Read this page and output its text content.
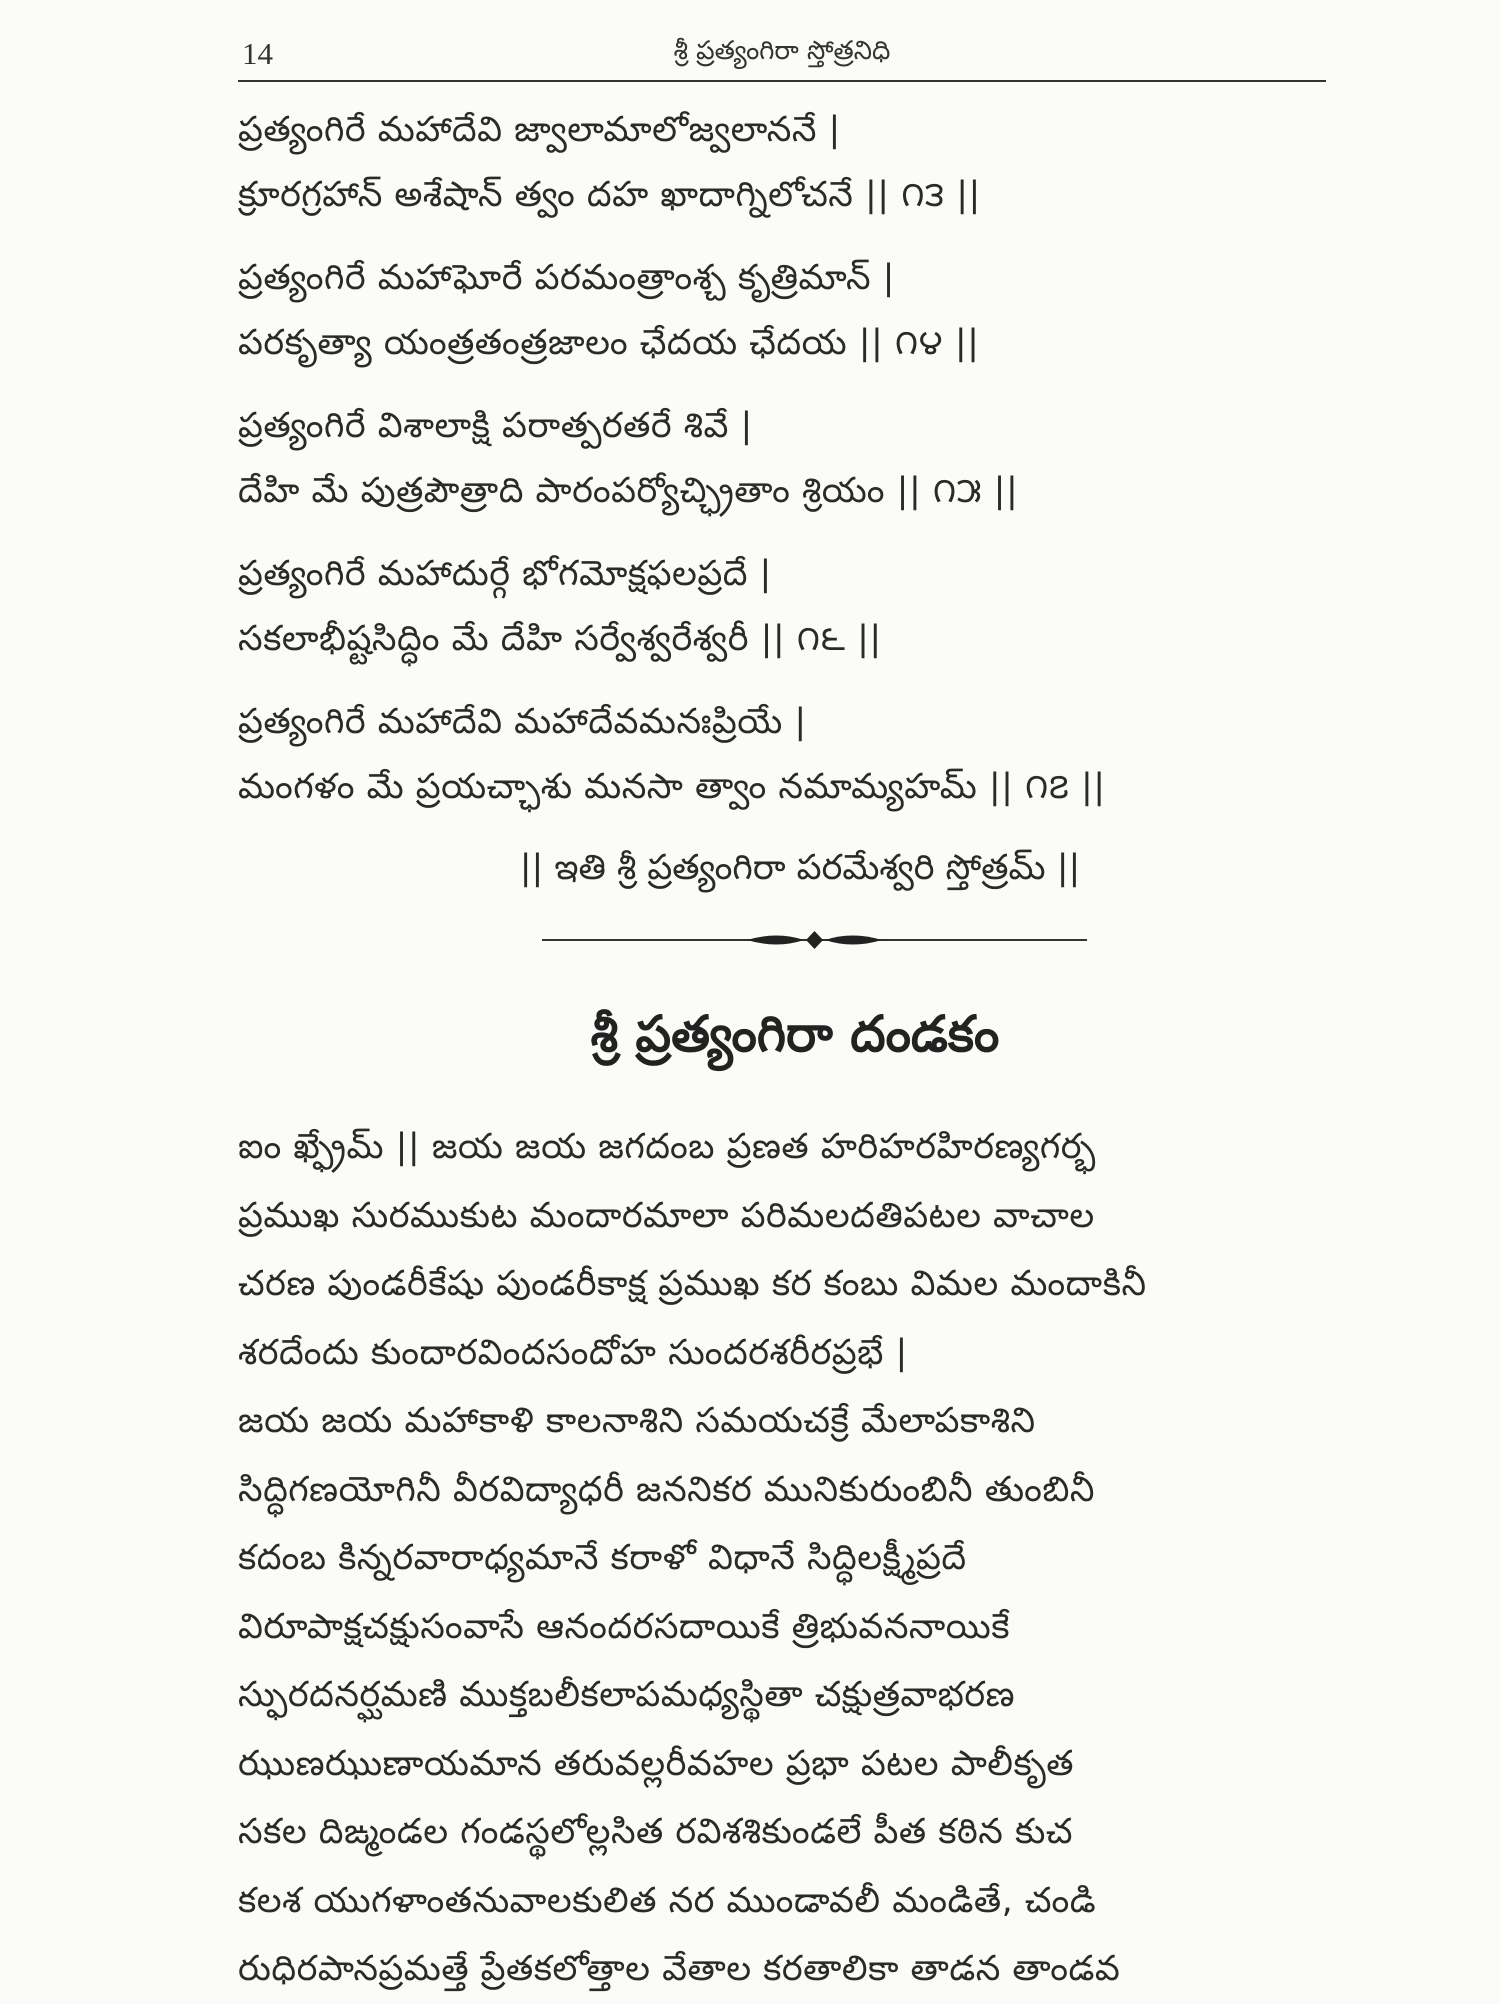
14	శ్రీ ప్రత్యంగిరా స్తోత్రనిధి
ప్రత్యంగిరే మహాదేవి జ్వాలామాలోజ్వలాననే |
క్రూరగ్రహాన్ అశేషాన్ త్వం దహ ఖాదాగ్నిలోచనే || ౧౩ ||
ప్రత్యంగిరే మహాఘోరే పరమంత్రాంశ్చ కృత్రిమాన్ |
పరకృత్యా యంత్రతంత్రజాలం ఛేదయ ఛేదయ || ౧౪ ||
ప్రత్యంగిరే విశాలాక్షి పరాత్పరతరే శివే |
దేహి మే పుత్రపౌత్రాది పారంపర్యోచ్ఛ్రితాం శ్రియం || ౧౫ ||
ప్రత్యంగిరే మహాదుర్గే భోగమోక్షఫలప్రదే |
సకలాభీష్టసిద్ధిం మే దేహి సర్వేశ్వరేశ్వరీ || ౧౬ ||
ప్రత్యంగిరే మహాదేవి మహాదేవమనఃప్రియే |
మంగళం మే ప్రయచ్ఛాశు మనసా త్వాం నమామ్యహమ్ || ౧౭ ||
|| ఇతి శ్రీ ప్రత్యంగిరా పరమేశ్వరి స్తోత్రమ్ ||
శ్రీ ప్రత్యంగిరా దండకం
ఐం ఖ్ఫ్రేమ్ || జయ జయ జగదంబ ప్రణత హరిహరహిరణ్యగర్భ
ప్రముఖ సురముకుట మందారమాలా పరిమలదతిపటల వాచాల
చరణ పుండరీకేషు పుండరీకాక్ష ప్రముఖ కర కంబు విమల మందాకినీ
శరదేందు కుందారవిందసందోహ సుందరశరీరప్రభే |
జయ జయ మహాకాళి కాలనాశిని సమయచక్రే మేలాపకాశిని
సిద్ధిగణయోగినీ వీరవిద్యాధరీ జననికర మునికురుంబినీ తుంబినీ
కదంబ కిన్నరవారాధ్యమానే కరాళో విధానే సిద్ధిలక్ష్మీప్రదే
విరూపాక్షచక్షుసంవాసే ఆనందరసదాయికే త్రిభువననాయికే
స్ఫురదనర్ఘమణి ముక్తబలీకలాపమధ్యస్థితా చక్షుత్రవాభరణ
ఝుణఝుణాయమాన తరువల్లరీవహల ప్రభా పటల పాలీకృత
సకల దిఙ్మండల గండస్థలోల్లసిత రవిశశికుండలే పీత కఠిన కుచ
కలశ యుగళాంతనువాలకులిత నర ముండావలీ మండితే, చండి
రుధిరపానప్రమత్తే ప్రేతకలోత్తాల వేతాల కరతాలికా తాడన తాండవ
